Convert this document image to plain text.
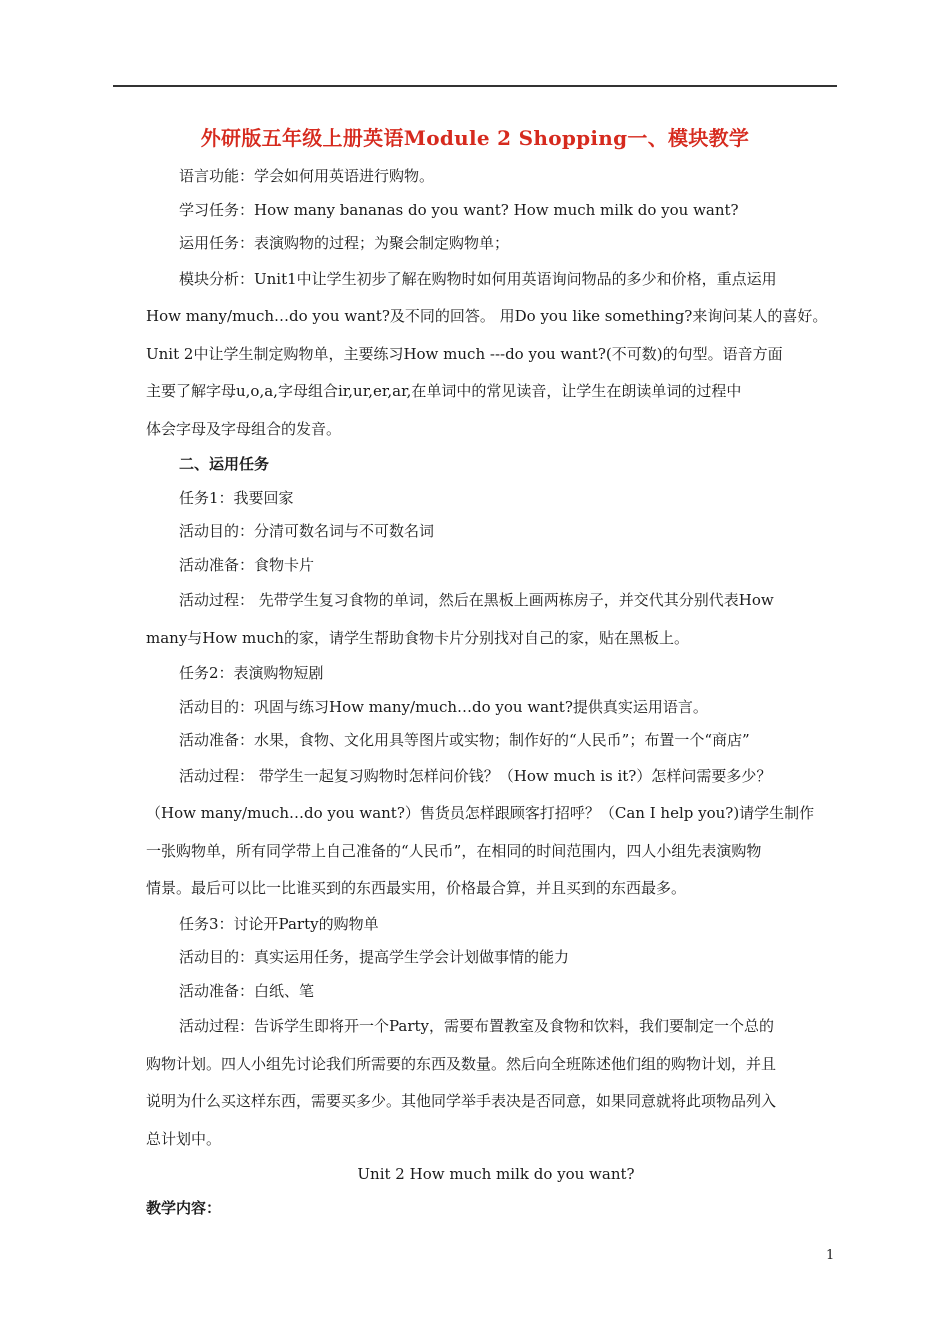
外研版五年级上册英语Module 2 Shopping一、模块教学
语言功能：学会如何用英语进行购物。
学习任务：How many bananas do you want? How much milk do you want?
运用任务：表演购物的过程；为聚会制定购物单；
模块分析：Unit1中让学生初步了解在购物时如何用英语询问物品的多少和价格，重点运用
How many/much…do you want?及不同的回答。 用Do you like something?来询问某人的喜好。
Unit 2中让学生制定购物单，主要练习How much ---do you want?(不可数)的句型。语音方面
主要了解字母u,o,a,字母组合ir,ur,er,ar,在单词中的常见读音，让学生在朗读单词的过程中
体会字母及字母组合的发音。
二、运用任务
任务1：我要回家
活动目的：分清可数名词与不可数名词
活动准备：食物卡片
活动过程： 先带学生复习食物的单词，然后在黑板上画两栋房子，并交代其分别代表How
many与How much的家，请学生帮助食物卡片分别找对自己的家，贴在黑板上。
任务2：表演购物短剧
活动目的：巩固与练习How many/much…do you want?提供真实运用语言。
活动准备：水果，食物、文化用具等图片或实物；制作好的“人民币”；布置一个“商店”
活动过程： 带学生一起复习购物时怎样问价钱？（How much is it?）怎样问需要多少？
（How many/much…do you want?）售货员怎样跟顾客打招呼？（Can I help you?)请学生制作
一张购物单，所有同学带上自己准备的“人民币”，在相同的时间范围内，四人小组先表演购物
情景。最后可以比一比谁买到的东西最实用，价格最合算，并且买到的东西最多。
任务3：讨论开Party的购物单
活动目的：真实运用任务，提高学生学会计划做事情的能力
活动准备：白纸、笔
活动过程：告诉学生即将开一个Party，需要布置教室及食物和饮料，我们要制定一个总的
购物计划。四人小组先讨论我们所需要的东西及数量。然后向全班陈述他们组的购物计划，并且
说明为什么买这样东西，需要买多少。其他同学举手表决是否同意，如果同意就将此项物品列入
总计划中。
Unit 2 How much milk do you want?
教学内容：
1
